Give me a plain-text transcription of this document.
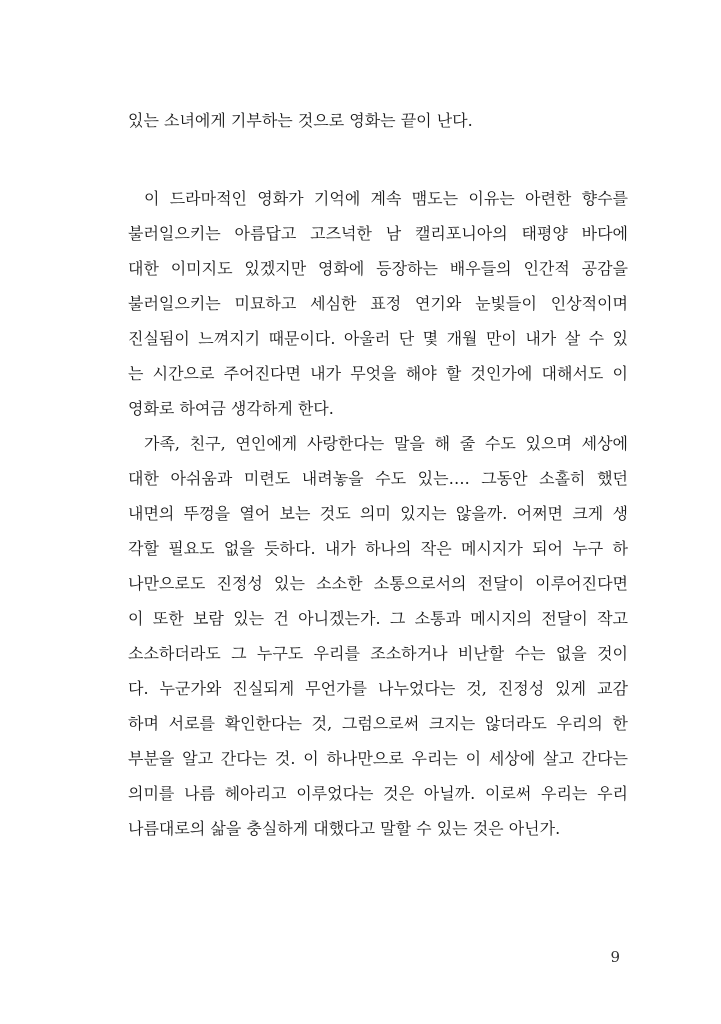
있는 소녀에게 기부하는 것으로 영화는 끝이 난다.
이 드라마적인 영화가 기억에 계속 맴도는 이유는 아련한 향수를
불러일으키는 아름답고 고즈넉한 남 캘리포니아의 태평양 바다에
대한 이미지도 있겠지만 영화에 등장하는 배우들의 인간적 공감을
불러일으키는 미묘하고 세심한 표정 연기와 눈빛들이 인상적이며
진실됨이 느껴지기 때문이다. 아울러 단 몇 개월 만이 내가 살 수 있
는 시간으로 주어진다면 내가 무엇을 해야 할 것인가에 대해서도 이
영화로 하여금 생각하게 한다.
가족, 친구, 연인에게 사랑한다는 말을 해 줄 수도 있으며 세상에
대한 아쉬움과 미련도 내려놓을 수도 있는…. 그동안 소홀히 했던
내면의 뚜껑을 열어 보는 것도 의미 있지는 않을까. 어쩌면 크게 생
각할 필요도 없을 듯하다. 내가 하나의 작은 메시지가 되어 누구 하
나만으로도 진정성 있는 소소한 소통으로서의 전달이 이루어진다면
이 또한 보람 있는 건 아니겠는가. 그 소통과 메시지의 전달이 작고
소소하더라도 그 누구도 우리를 조소하거나 비난할 수는 없을 것이
다. 누군가와 진실되게 무언가를 나누었다는 것, 진정성 있게 교감
하며 서로를 확인한다는 것, 그럼으로써 크지는 않더라도 우리의 한
부분을 알고 간다는 것. 이 하나만으로 우리는 이 세상에 살고 간다는
의미를 나름 헤아리고 이루었다는 것은 아닐까. 이로써 우리는 우리
나름대로의 삶을 충실하게 대했다고 말할 수 있는 것은 아닌가.
9
